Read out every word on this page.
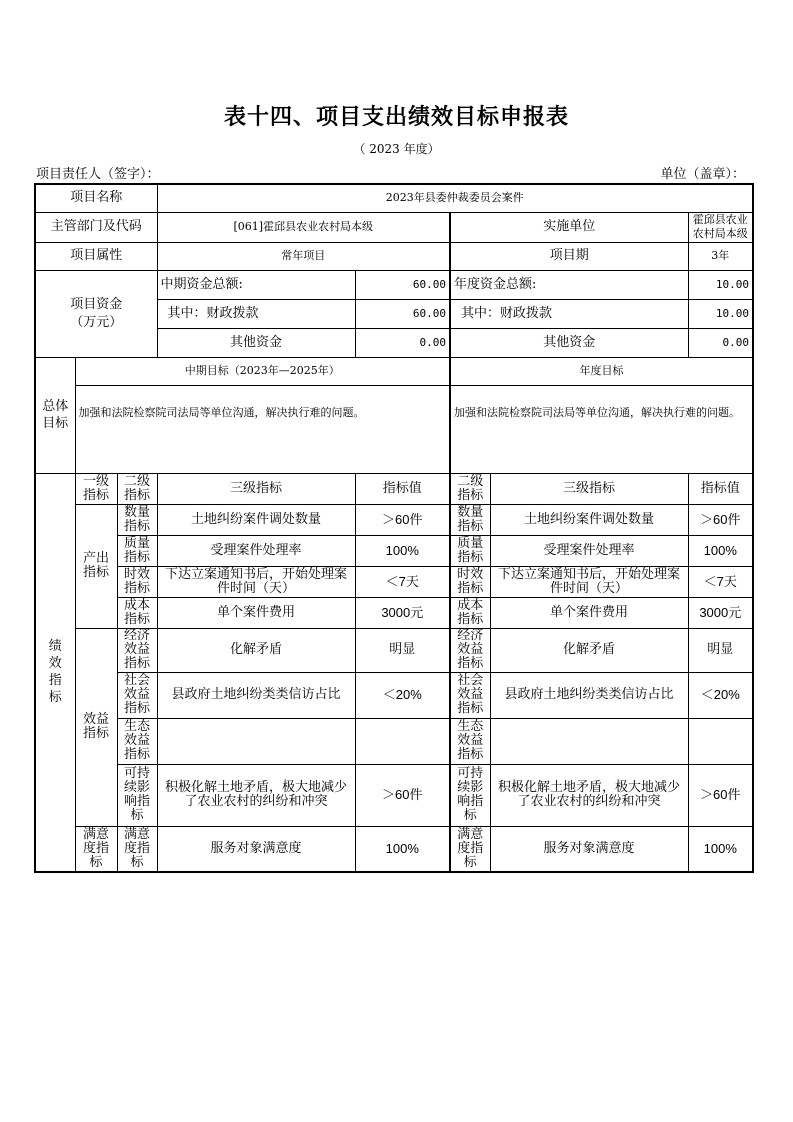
表十四、项目支出绩效目标申报表
（ 2023 年度）
项目责任人（签字）：	单位（盖章）：
项目名称			2023年县委仲裁委员会案件				
主管部门及代码			[061]霍邱县农业农村局本级		实施单位		霍邱县农业农村局本级
项目属性			常年项目		项目期		3年
项目资金
（万元）			中期资金总额:	60.00	年度资金总额:		10.00
			其中：财政拨款	60.00	其中：财政拨款		10.00
			其他资金	0.00	其他资金		0.00
总体目标	中期目标（2023年—2025年）				年度目标		
	加强和法院检察院司法局等单位沟通，解决执行难的问题。				加强和法院检察院司法局等单位沟通，解决执行难的问题。		
绩效指标	一级指标	二级指标	三级指标	指标值	二级指标	三级指标	指标值
	产出指标	数量指标	土地纠纷案件调处数量	＞60件	数量指标	土地纠纷案件调处数量	＞60件
		质量指标	受理案件处理率	100%	质量指标	受理案件处理率	100%
		时效指标	下达立案通知书后，开始处理案件时间（天）	＜7天	时效指标	下达立案通知书后，开始处理案件时间（天）	＜7天
		成本指标	单个案件费用	3000元	成本指标	单个案件费用	3000元
	效益指标	经济效益指标	化解矛盾	明显	经济效益指标	化解矛盾	明显
		社会效益指标	县政府土地纠纷类类信访占比	＜20%	社会效益指标	县政府土地纠纷类类信访占比	＜20%
		生态效益指标			生态效益指标		
		可持续影响指标	积极化解土地矛盾，极大地减少了农业农村的纠纷和冲突	＞60件	可持续影响指标	积极化解土地矛盾，极大地减少了农业农村的纠纷和冲突	＞60件
	满意度指标	满意度指标	服务对象满意度	100%	满意度指标	服务对象满意度	100%
